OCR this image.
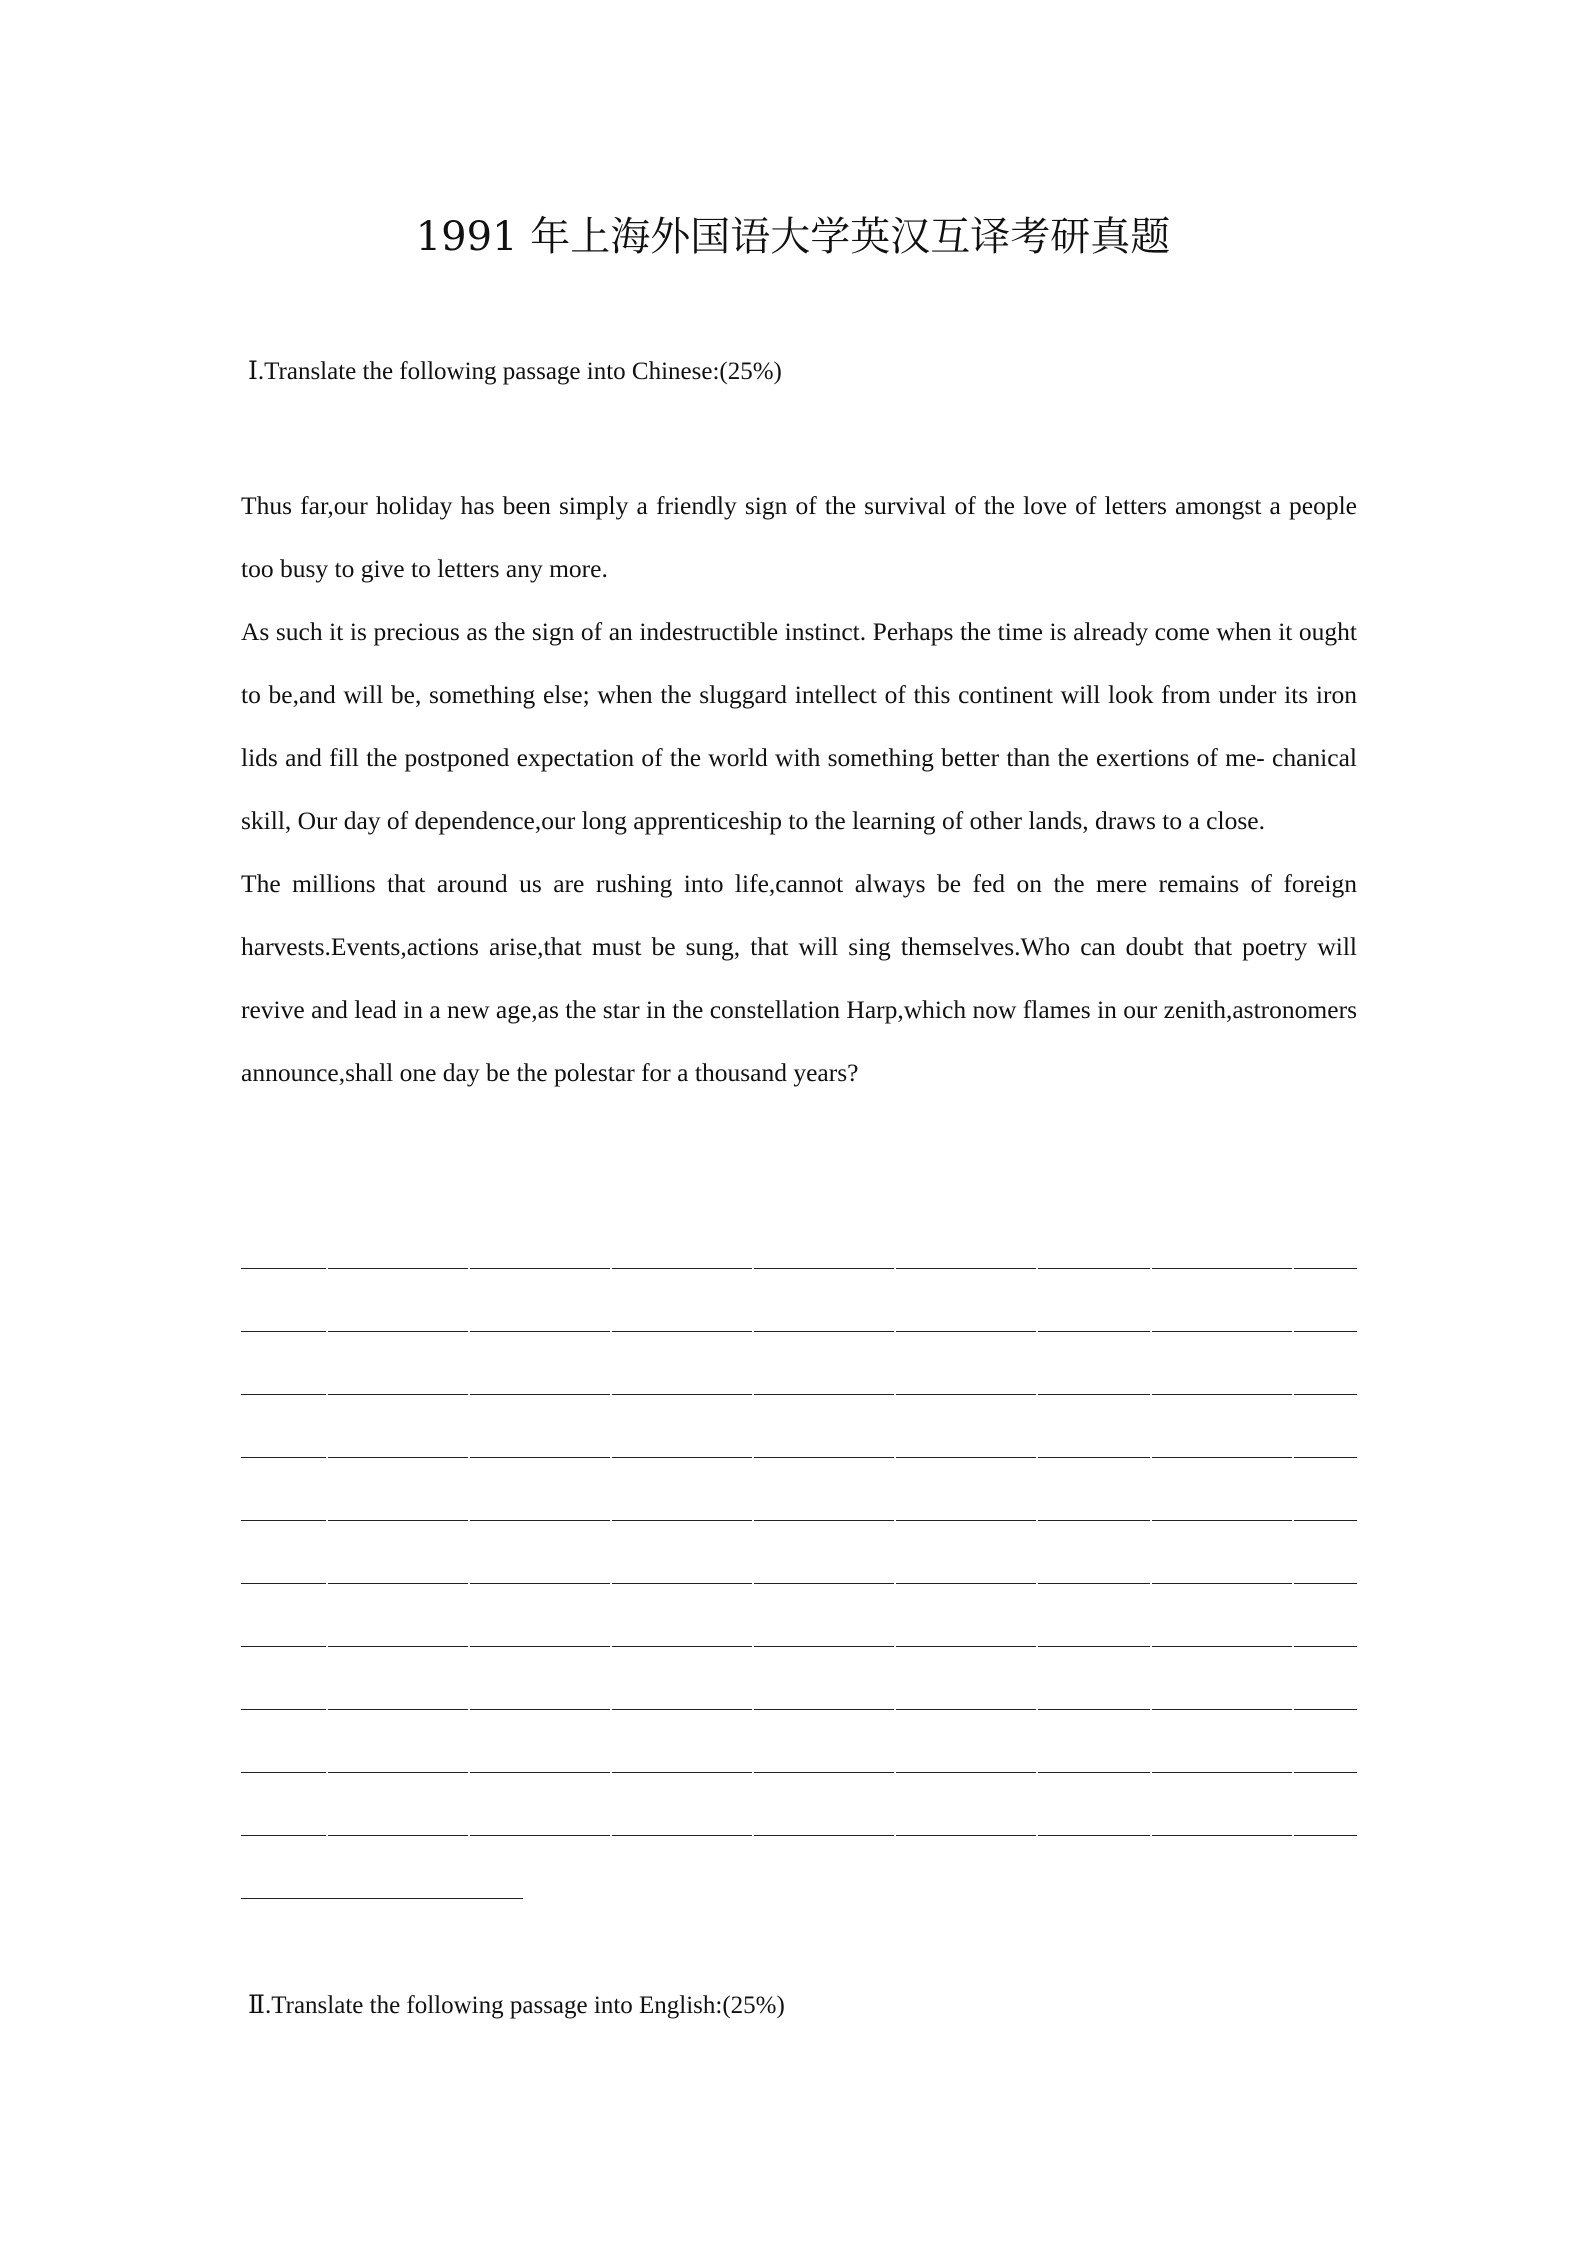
1991 年上海外国语大学英汉互译考研真题
Ⅰ.Translate the following passage into Chinese:(25%)

Thus far,our holiday has been simply a friendly sign of the survival of the love of letters amongst a people too busy to give to letters any more.

As such it is precious as the sign of an indestructible instinct. Perhaps the time is already come when it ought to be,and will be, something else; when the sluggard intellect of this continent will look from under its iron lids and fill the postponed expectation of the world with something better than the exertions of me- chanical skill, Our day of dependence,our long apprenticeship to the learning of other lands, draws to a close.

The millions that around us are rushing into life,cannot always be fed on the mere remains of foreign harvests.Events,actions arise,that must be sung, that will sing themselves.Who can doubt that poetry will revive and lead in a new age,as the star in the constellation Harp,which now flames in our zenith,astronomers announce,shall one day be the polestar for a thousand years?

Ⅱ.Translate the following passage into English:(25%)
